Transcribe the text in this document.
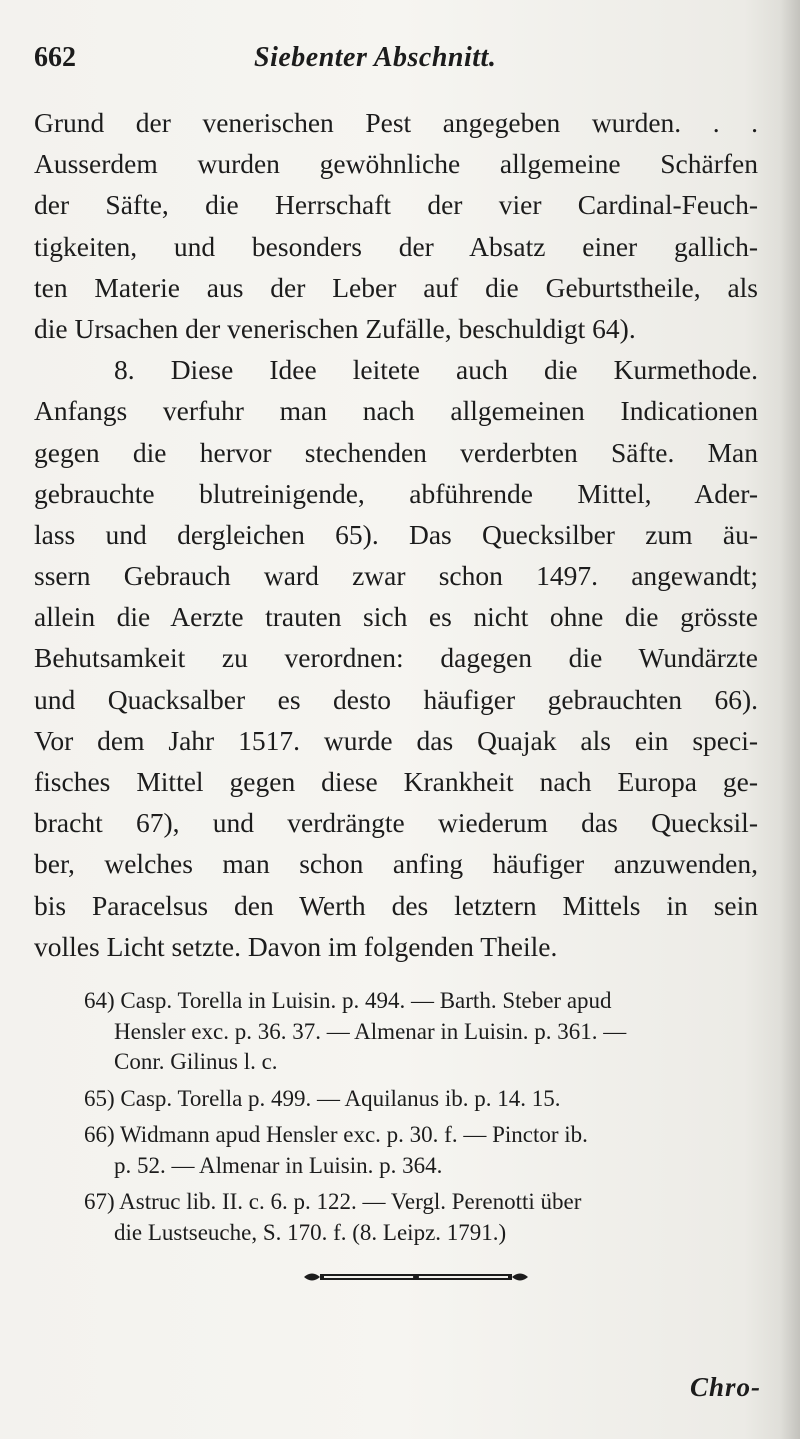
662	Siebenter Abschnitt.
Grund der venerischen Pest angegeben wurden. . .
Ausserdem wurden gewöhnliche allgemeine Schärfen
der Säfte, die Herrschaft der vier Cardinal-Feuch-
tigkeiten, und besonders der Absatz einer gallich-
ten Materie aus der Leber auf die Geburtstheile, als
die Ursachen der venerischen Zufälle, beschuldigt 64).
8. Diese Idee leitete auch die Kurmethode.
Anfangs verfuhr man nach allgemeinen Indicationen
gegen die hervor stechenden verderbten Säfte. Man
gebrauchte blutreinigende, abführende Mittel, Ader-
lass und dergleichen 65). Das Quecksilber zum äu-
ssern Gebrauch ward zwar schon 1497. angewandt;
allein die Aerzte trauten sich es nicht ohne die grösste
Behutsamkeit zu verordnen: dagegen die Wundärzte
und Quacksalber es desto häufiger gebrauchten 66).
Vor dem Jahr 1517. wurde das Quajak als ein speci-
fisches Mittel gegen diese Krankheit nach Europa ge-
bracht 67), und verdrängte wiederum das Quecksil-
ber, welches man schon anfing häufiger anzuwenden,
bis Paracelsus den Werth des letztern Mittels in sein
volles Licht setzte. Davon im folgenden Theile.
64) Casp. Torella in Luisin. p. 494. — Barth. Steber apud
Hensler exc. p. 36. 37. — Almenar in Luisin. p. 361. —
Conr. Gilinus l. c.
65) Casp. Torella p. 499. — Aquilanus ib. p. 14. 15.
66) Widmann apud Hensler exc. p. 30. f. — Pinctor ib.
p. 52. — Almenar in Luisin. p. 364.
67) Astruc lib. II. c. 6. p. 122. — Vergl. Perenotti über
die Lustseuche, S. 170. f. (8. Leipz. 1791.)
Chro-
